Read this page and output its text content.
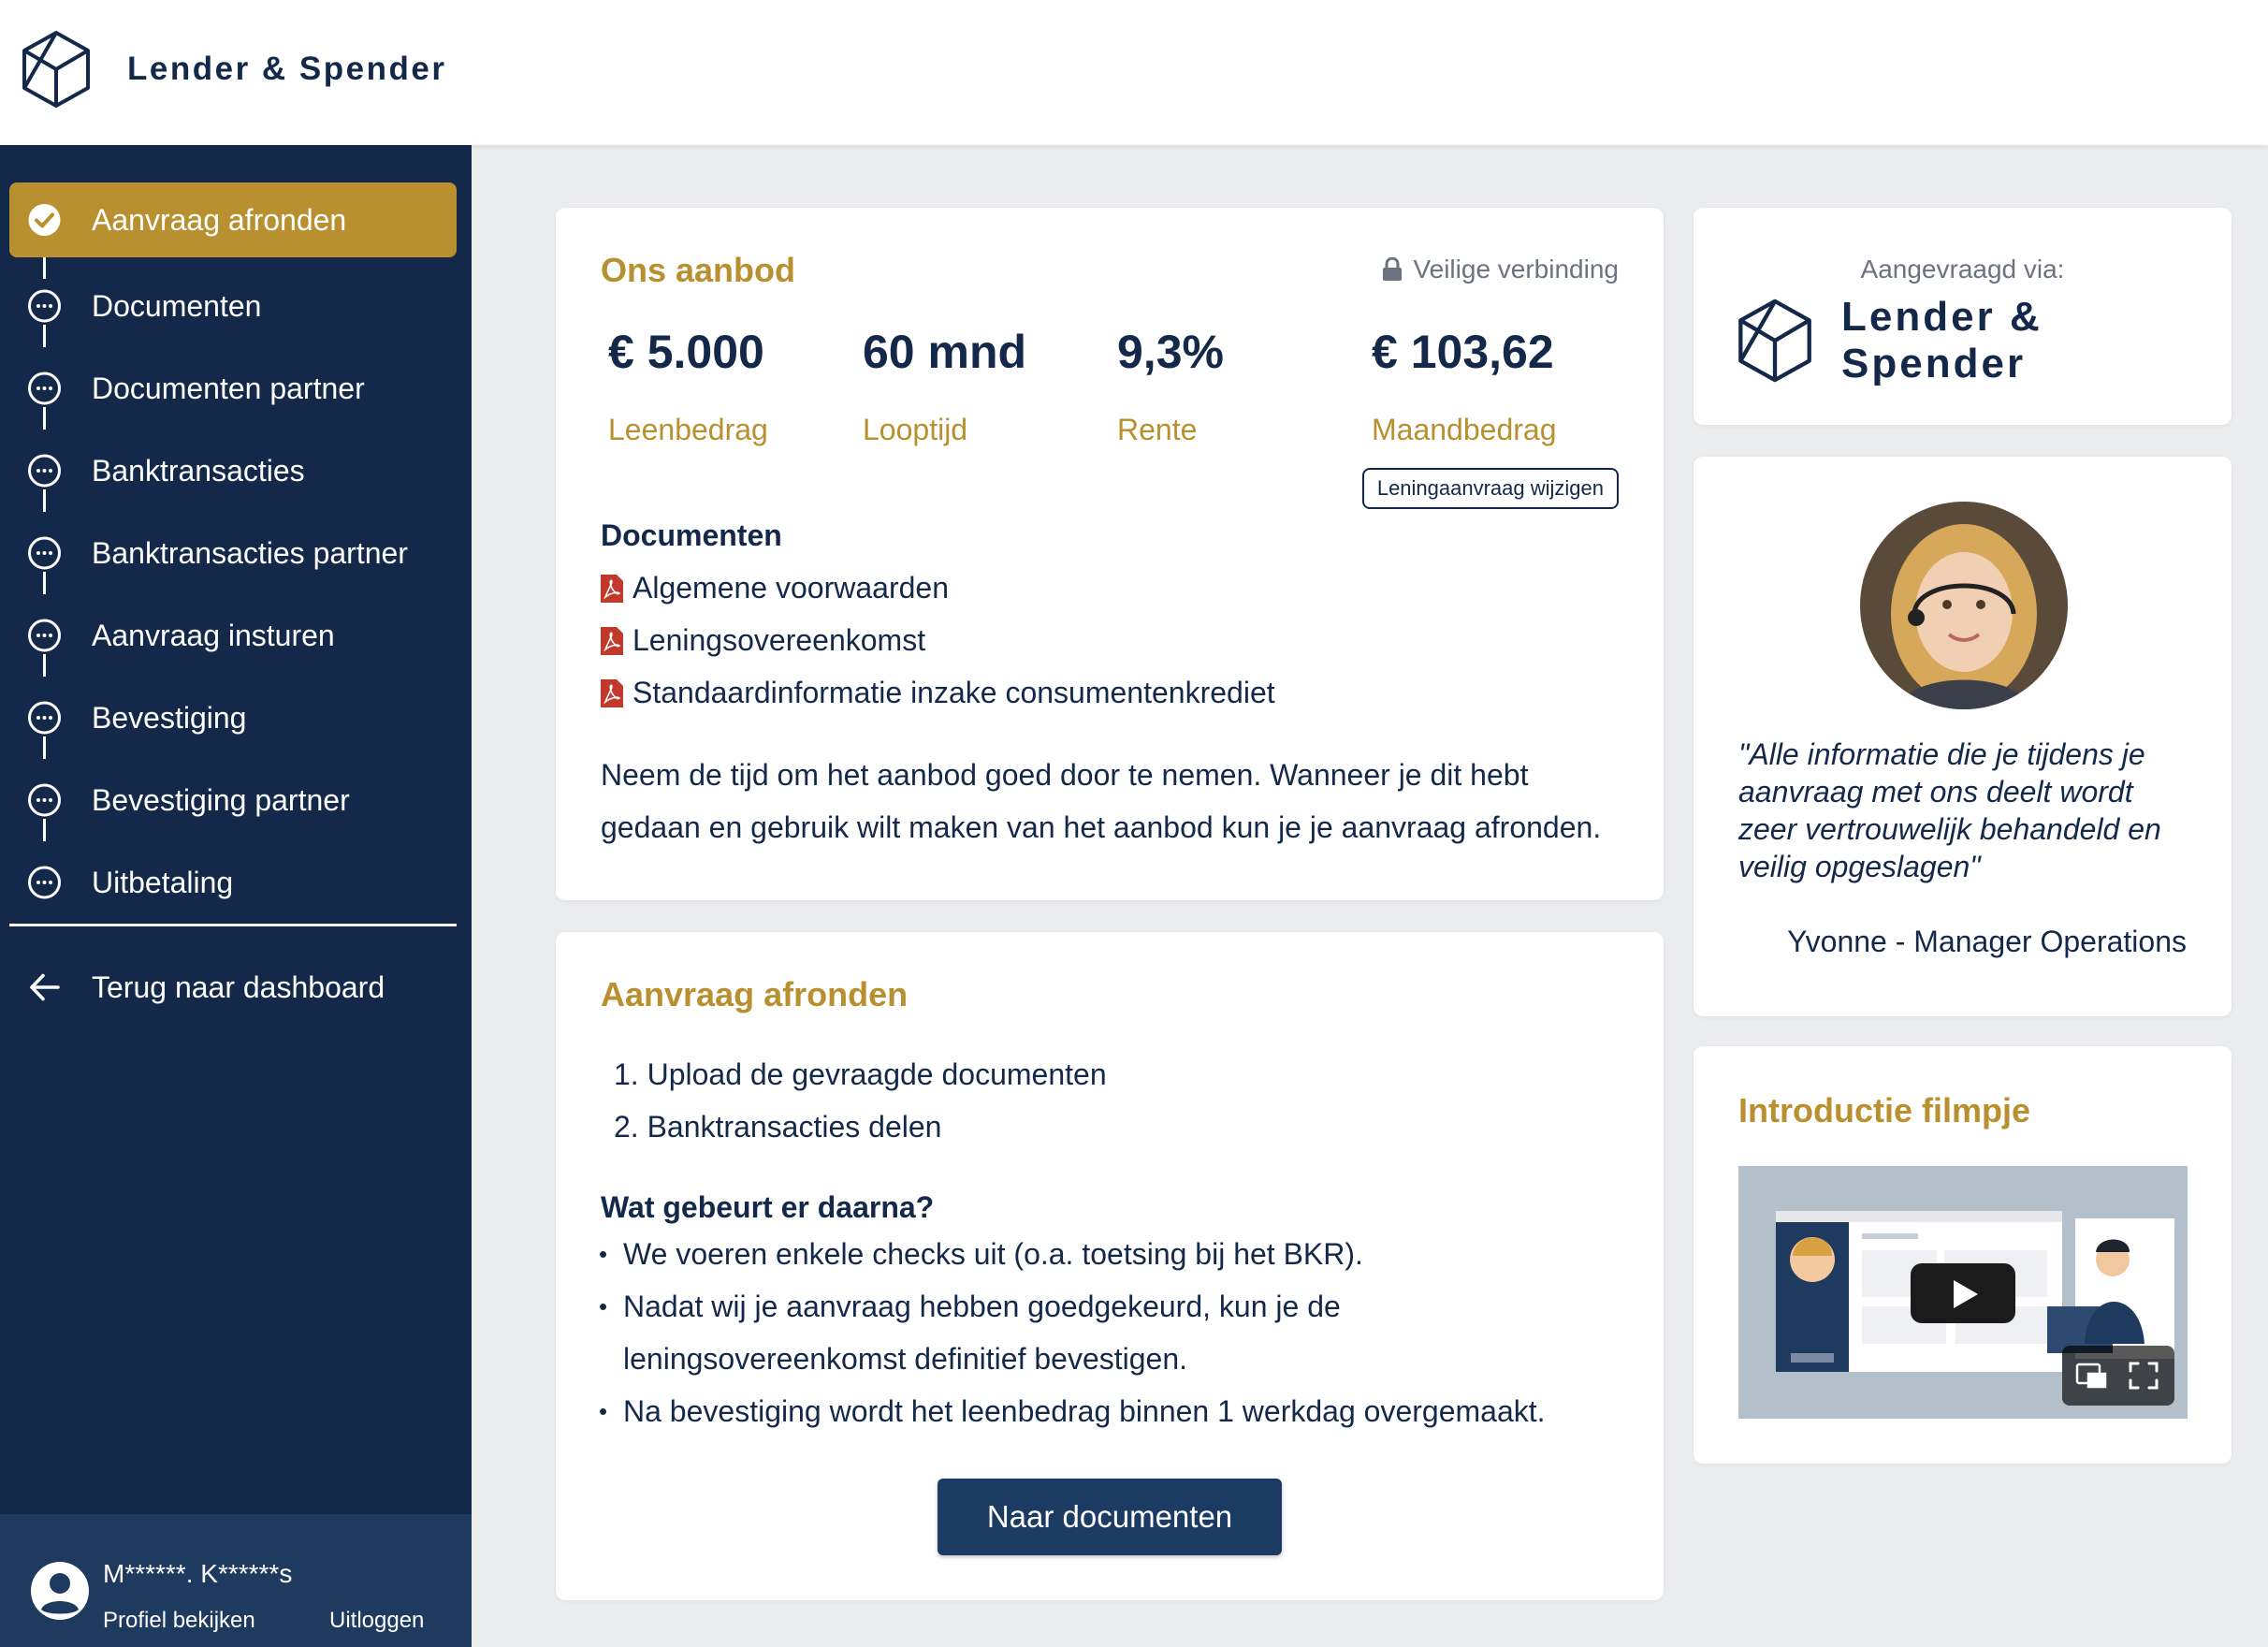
Lender & Spender
Aanvraag afronden
Documenten
Documenten partner
Banktransacties
Banktransacties partner
Aanvraag insturen
Bevestiging
Bevestiging partner
Uitbetaling
Terug naar dashboard
M******. K******s
Profiel bekijken	Uitloggen
Ons aanbod	Veilige verbinding
€ 5.000
Leenbedrag
60 mnd
Looptijd
9,3%
Rente
€ 103,62
Maandbedrag
Leningaanvraag wijzigen
Documenten
Algemene voorwaarden
Leningsovereenkomst
Standaardinformatie inzake consumentenkrediet

Neem de tijd om het aanbod goed door te nemen. Wanneer je dit hebt gedaan en gebruik wilt maken van het aanbod kun je je aanvraag afronden.

Aanvraag afronden
1. Upload de gevraagde documenten
2. Banktransacties delen
Wat gebeurt er daarna?
• We voeren enkele checks uit (o.a. toetsing bij het BKR).
• Nadat wij je aanvraag hebben goedgekeurd, kun je de leningsovereenkomst definitief bevestigen.
• Na bevestiging wordt het leenbedrag binnen 1 werkdag overgemaakt.
Naar documenten
Aangevraagd via:
Lender & Spender

"Alle informatie die je tijdens je aanvraag met ons deelt wordt zeer vertrouwelijk behandeld en veilig opgeslagen"

Yvonne - Manager Operations
Introductie filmpje
